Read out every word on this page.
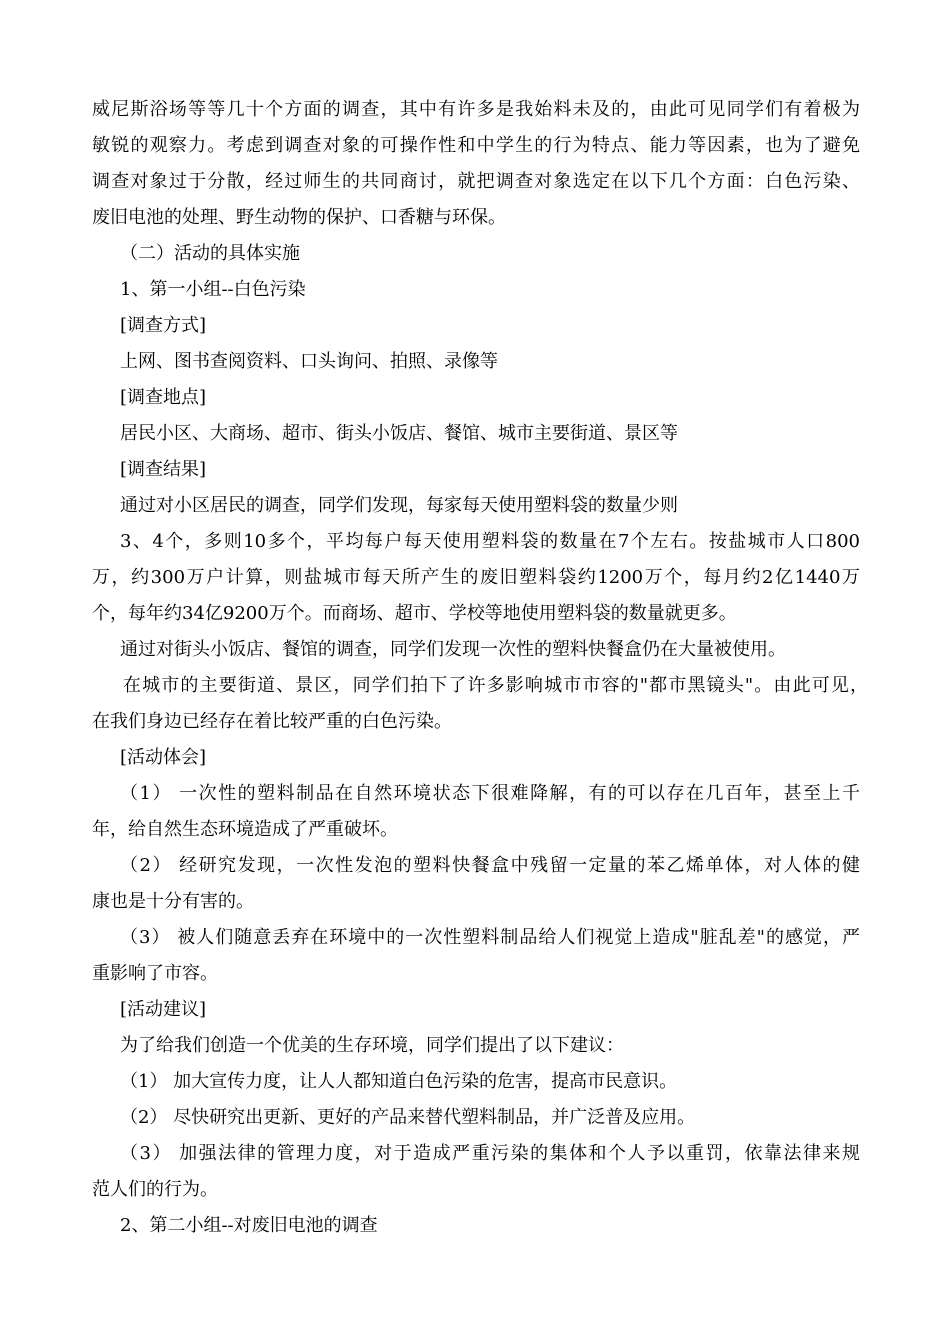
威尼斯浴场等等几十个方面的调查，其中有许多是我始料未及的，由此可见同学们有着极为
敏锐的观察力。考虑到调查对象的可操作性和中学生的行为特点、能力等因素，也为了避免
调查对象过于分散，经过师生的共同商讨，就把调查对象选定在以下几个方面：白色污染、
废旧电池的处理、野生动物的保护、口香糖与环保。
（二）活动的具体实施
1、第一小组--白色污染
[调查方式]
上网、图书查阅资料、口头询问、拍照、录像等
[调查地点]
居民小区、大商场、超市、街头小饭店、餐馆、城市主要街道、景区等
[调查结果]
通过对小区居民的调查，同学们发现，每家每天使用塑料袋的数量少则
3、4个，多则10多个，平均每户每天使用塑料袋的数量在7个左右。按盐城市人口800
万，约300万户计算，则盐城市每天所产生的废旧塑料袋约1200万个，每月约2亿1440万
个，每年约34亿9200万个。而商场、超市、学校等地使用塑料袋的数量就更多。
通过对街头小饭店、餐馆的调查，同学们发现一次性的塑料快餐盒仍在大量被使用。
在城市的主要街道、景区，同学们拍下了许多影响城市市容的"都市黑镜头"。由此可见，
在我们身边已经存在着比较严重的白色污染。
[活动体会]
（1） 一次性的塑料制品在自然环境状态下很难降解，有的可以存在几百年，甚至上千
年，给自然生态环境造成了严重破坏。
（2） 经研究发现，一次性发泡的塑料快餐盒中残留一定量的苯乙烯单体，对人体的健
康也是十分有害的。
（3） 被人们随意丢弃在环境中的一次性塑料制品给人们视觉上造成"脏乱差"的感觉，严
重影响了市容。
[活动建议]
为了给我们创造一个优美的生存环境，同学们提出了以下建议：
（1） 加大宣传力度，让人人都知道白色污染的危害，提高市民意识。
（2） 尽快研究出更新、更好的产品来替代塑料制品，并广泛普及应用。
（3） 加强法律的管理力度，对于造成严重污染的集体和个人予以重罚，依靠法律来规
范人们的行为。
2、第二小组--对废旧电池的调查
